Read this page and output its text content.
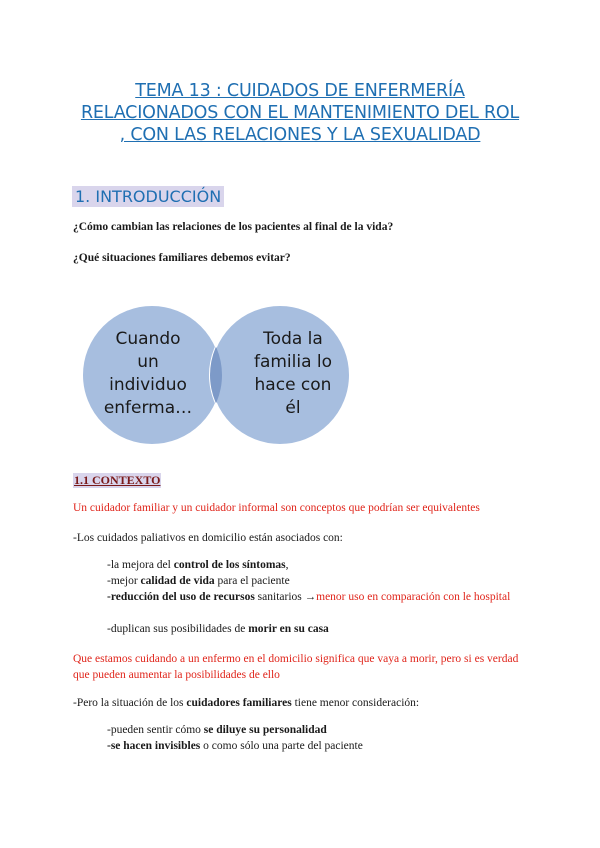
TEMA 13 : CUIDADOS DE ENFERMERÍA RELACIONADOS CON EL MANTENIMIENTO DEL ROL , CON LAS RELACIONES Y LA SEXUALIDAD
1. INTRODUCCIÓN

¿Cómo cambian las relaciones de los pacientes al final de la vida?

¿Qué situaciones familiares debemos evitar?

Cuando
un
individuo
enferma…
Toda la
familia lo
hace con
él
1.1 CONTEXTO

Un cuidador familiar y un cuidador informal son conceptos que podrían ser equivalentes

-Los cuidados paliativos en domicilio están asociados con:

-la mejora del control de los síntomas,

-mejor calidad de vida para el paciente

-reducción del uso de recursos sanitarios →menor uso en comparación con le hospital

-duplican sus posibilidades de morir en su casa

Que estamos cuidando a un enfermo en el domicilio significa que vaya a morir, pero si es verdad que pueden aumentar la posibilidades de ello

-Pero la situación de los cuidadores familiares tiene menor consideración:

-pueden sentir cómo se diluye su personalidad

-se hacen invisibles o como sólo una parte del paciente
